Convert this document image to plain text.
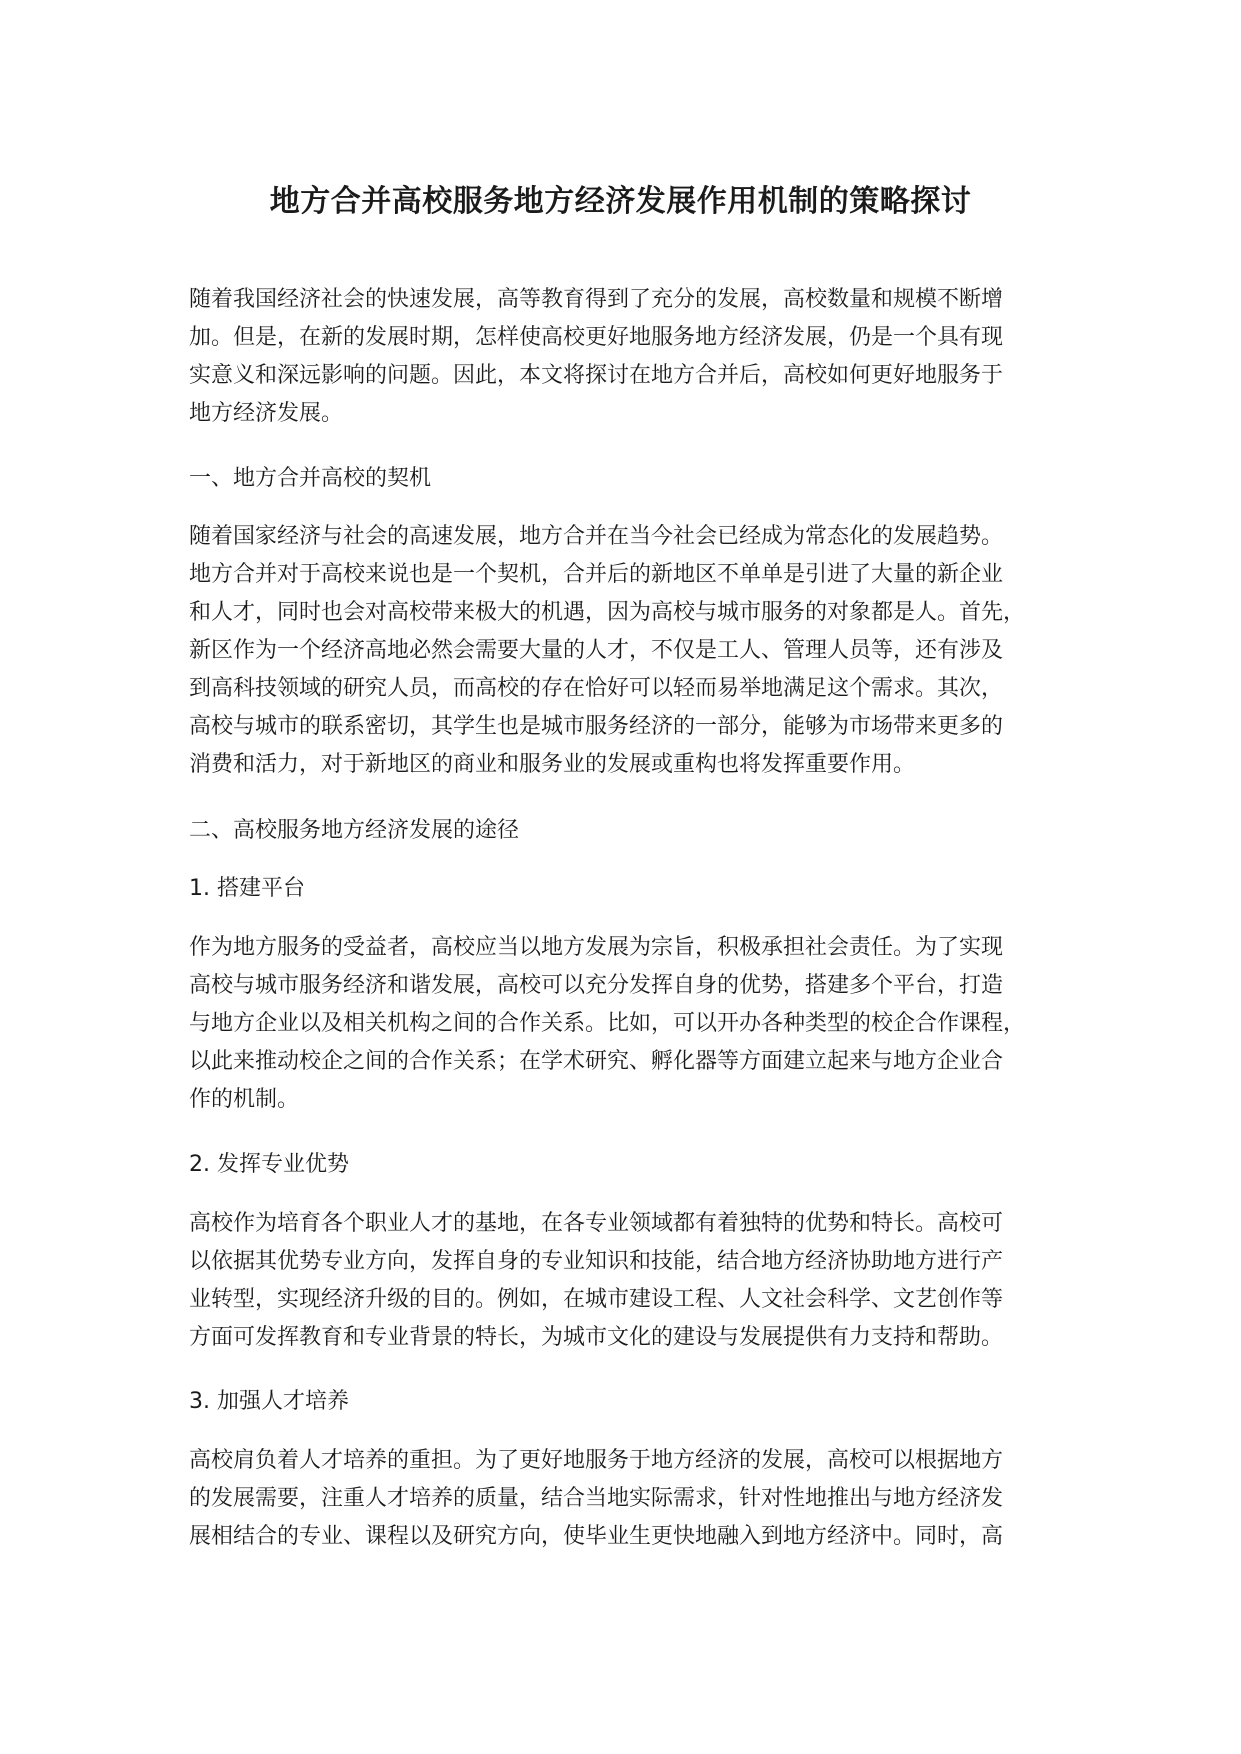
地方合并高校服务地方经济发展作用机制的策略探讨
随着我国经济社会的快速发展，高等教育得到了充分的发展，高校数量和规模不断增
加。但是，在新的发展时期，怎样使高校更好地服务地方经济发展，仍是一个具有现
实意义和深远影响的问题。因此，本文将探讨在地方合并后，高校如何更好地服务于
地方经济发展。
一、地方合并高校的契机
随着国家经济与社会的高速发展，地方合并在当今社会已经成为常态化的发展趋势。
地方合并对于高校来说也是一个契机，合并后的新地区不单单是引进了大量的新企业
和人才，同时也会对高校带来极大的机遇，因为高校与城市服务的对象都是人。首先，
新区作为一个经济高地必然会需要大量的人才，不仅是工人、管理人员等，还有涉及
到高科技领域的研究人员，而高校的存在恰好可以轻而易举地满足这个需求。其次，
高校与城市的联系密切，其学生也是城市服务经济的一部分，能够为市场带来更多的
消费和活力，对于新地区的商业和服务业的发展或重构也将发挥重要作用。
二、高校服务地方经济发展的途径
1. 搭建平台
作为地方服务的受益者，高校应当以地方发展为宗旨，积极承担社会责任。为了实现
高校与城市服务经济和谐发展，高校可以充分发挥自身的优势，搭建多个平台，打造
与地方企业以及相关机构之间的合作关系。比如，可以开办各种类型的校企合作课程，
以此来推动校企之间的合作关系；在学术研究、孵化器等方面建立起来与地方企业合
作的机制。
2. 发挥专业优势
高校作为培育各个职业人才的基地，在各专业领域都有着独特的优势和特长。高校可
以依据其优势专业方向，发挥自身的专业知识和技能，结合地方经济协助地方进行产
业转型，实现经济升级的目的。例如，在城市建设工程、人文社会科学、文艺创作等
方面可发挥教育和专业背景的特长，为城市文化的建设与发展提供有力支持和帮助。
3. 加强人才培养
高校肩负着人才培养的重担。为了更好地服务于地方经济的发展，高校可以根据地方
的发展需要，注重人才培养的质量，结合当地实际需求，针对性地推出与地方经济发
展相结合的专业、课程以及研究方向，使毕业生更快地融入到地方经济中。同时，高
